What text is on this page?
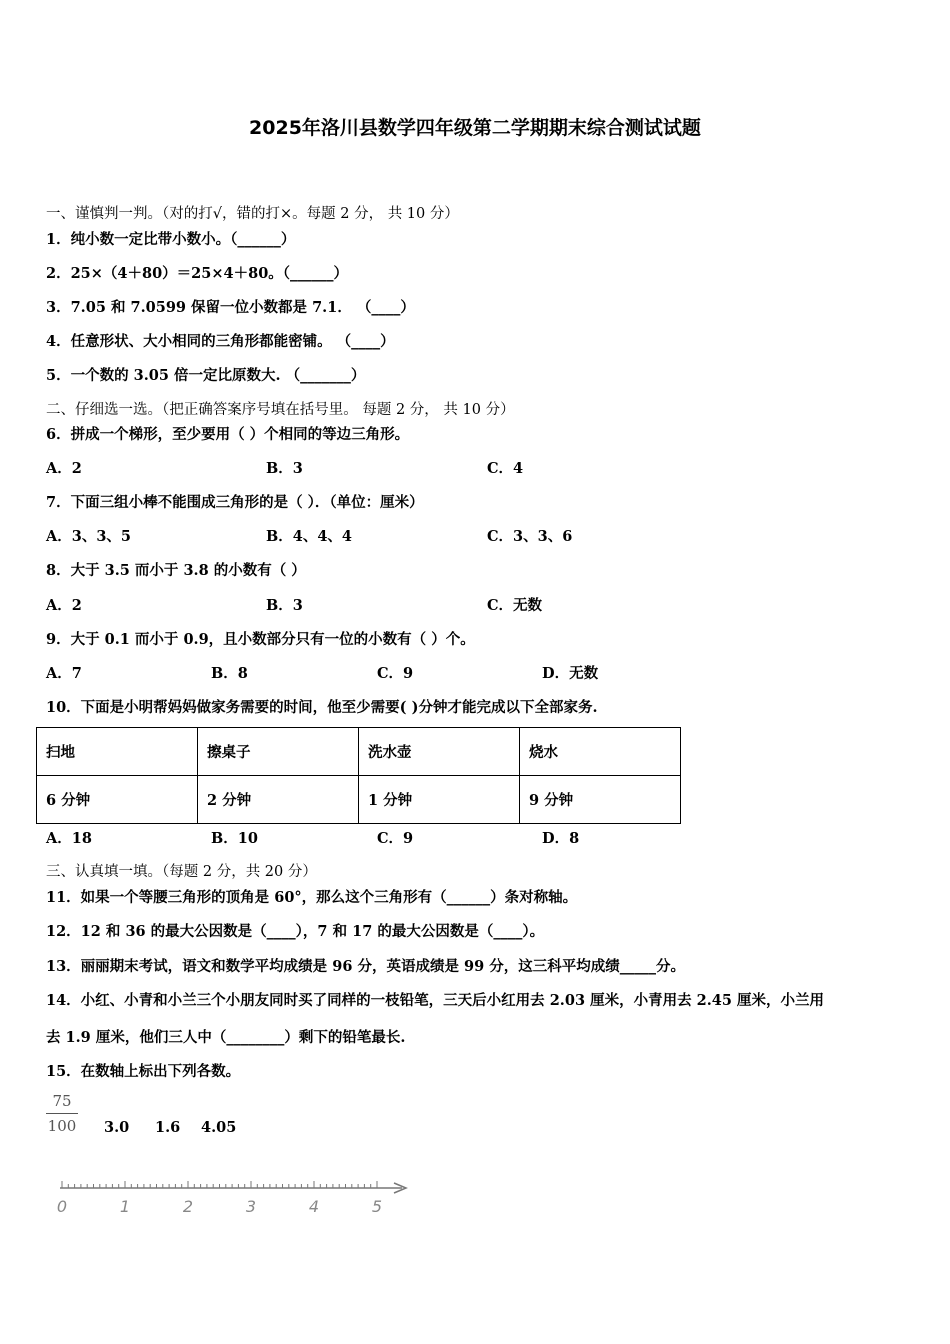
2025年洛川县数学四年级第二学期期末综合测试试题
一、谨慎判一判。（对的打√，错的打×。每题 2 分， 共 10 分）
1．纯小数一定比带小数小。（______）
2．25×（4＋80）＝25×4＋80。（______）
3．7.05 和 7.0599 保留一位小数都是 7.1． （____）
4．任意形状、大小相同的三角形都能密铺。 （____）
5．一个数的 3.05 倍一定比原数大. （_______）
二、仔细选一选。（把正确答案序号填在括号里。 每题 2 分， 共 10 分）
6．拼成一个梯形，至少要用（ ）个相同的等边三角形。
A．2	B．3	C．4
7．下面三组小棒不能围成三角形的是（ ）．（单位：厘米）
A．3、3、5	B．4、4、4	C．3、3、6
8．大于 3.5 而小于 3.8 的小数有（ ）
A．2	B．3	C．无数
9．大于 0.1 而小于 0.9，且小数部分只有一位的小数有（ ）个。
A．7	B．8	C．9	D．无数
10．下面是小明帮妈妈做家务需要的时间，他至少需要( )分钟才能完成以下全部家务.
扫地	擦桌子	洗水壶	烧水
6 分钟	2 分钟	1 分钟	9 分钟
A．18	B．10	C．9	D．8
三、认真填一填。（每题 2 分，共 20 分）
11．如果一个等腰三角形的顶角是 60°，那么这个三角形有（______）条对称轴。
12．12 和 36 的最大公因数是（____），7 和 17 的最大公因数是（____）。
13．丽丽期末考试，语文和数学平均成绩是 96 分，英语成绩是 99 分，这三科平均成绩_____分。
14．小红、小青和小兰三个小朋友同时买了同样的一枝铅笔，三天后小红用去 2.03 厘米，小青用去 2.45 厘米，小兰用
去 1.9 厘米，他们三人中（________）剩下的铅笔最长.
15．在数轴上标出下列各数。
75
100 3.0 1.6 4.05
0	1	2	3	4	5
